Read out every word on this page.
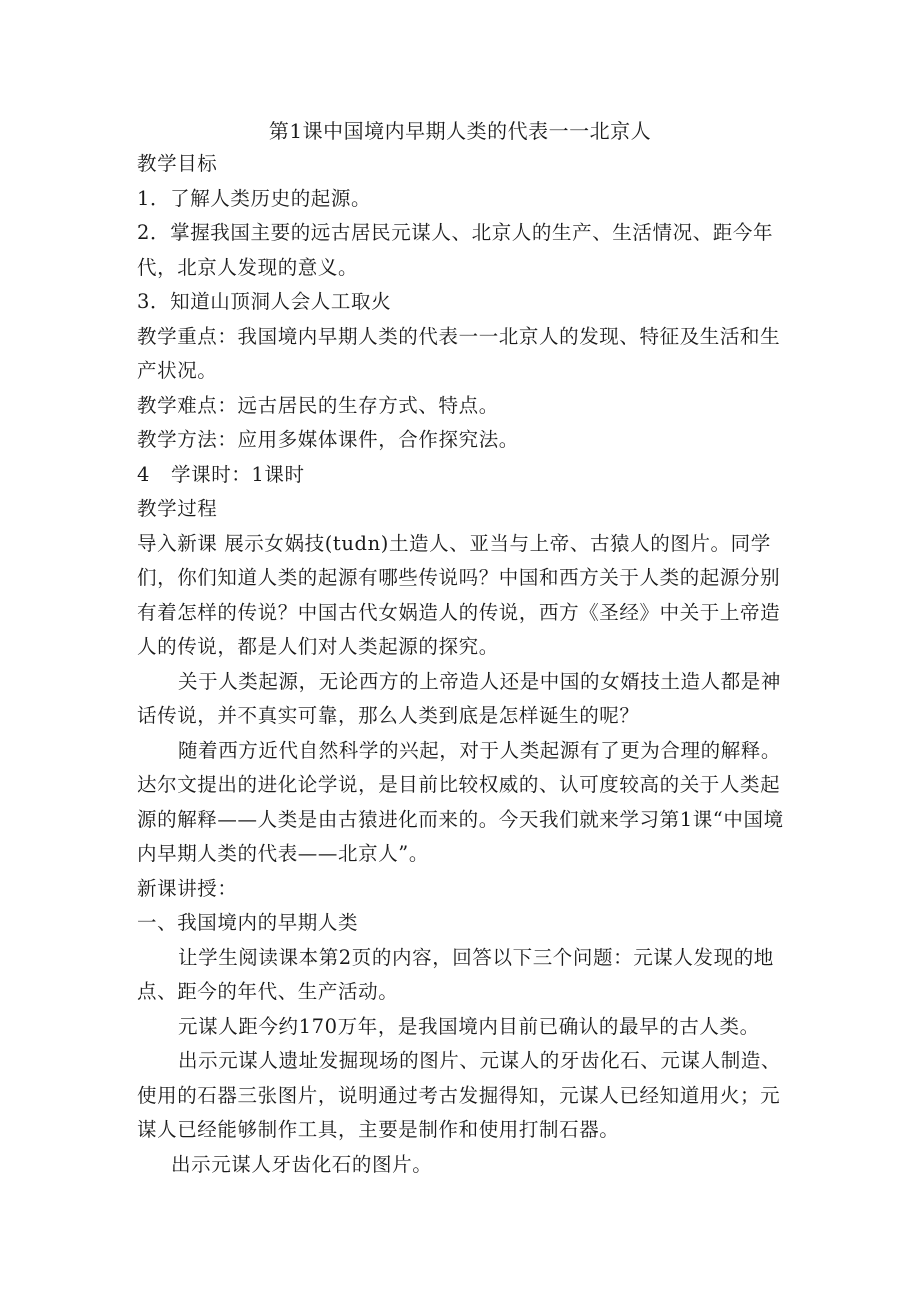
第1课中国境内早期人类的代表一一北京人

教学目标

1．了解人类历史的起源。

2．掌握我国主要的远古居民元谋人、北京人的生产、生活情况、距今年代，北京人发现的意义。

3．知道山顶洞人会人工取火

教学重点：我国境内早期人类的代表一一北京人的发现、特征及生活和生产状况。

教学难点：远古居民的生存方式、特点。

教学方法：应用多媒体课件，合作探究法。

4 学课时：1课时

教学过程

导入新课 展示女娲技(tudn)土造人、亚当与上帝、古猿人的图片。同学们，你们知道人类的起源有哪些传说吗？中国和西方关于人类的起源分别有着怎样的传说？中国古代女娲造人的传说，西方《圣经》中关于上帝造人的传说，都是人们对人类起源的探究。

关于人类起源，无论西方的上帝造人还是中国的女婿技土造人都是神话传说，并不真实可靠，那么人类到底是怎样诞生的呢？

随着西方近代自然科学的兴起，对于人类起源有了更为合理的解释。达尔文提出的进化论学说，是目前比较权威的、认可度较高的关于人类起源的解释——人类是由古猿进化而来的。今天我们就来学习第1课“中国境内早期人类的代表——北京人”。

新课讲授：

一、我国境内的早期人类

让学生阅读课本第2页的内容，回答以下三个问题：元谋人发现的地点、距今的年代、生产活动。

元谋人距今约170万年，是我国境内目前已确认的最早的古人类。

出示元谋人遗址发掘现场的图片、元谋人的牙齿化石、元谋人制造、使用的石器三张图片，说明通过考古发掘得知，元谋人已经知道用火；元谋人已经能够制作工具，主要是制作和使用打制石器。

出示元谋人牙齿化石的图片。
